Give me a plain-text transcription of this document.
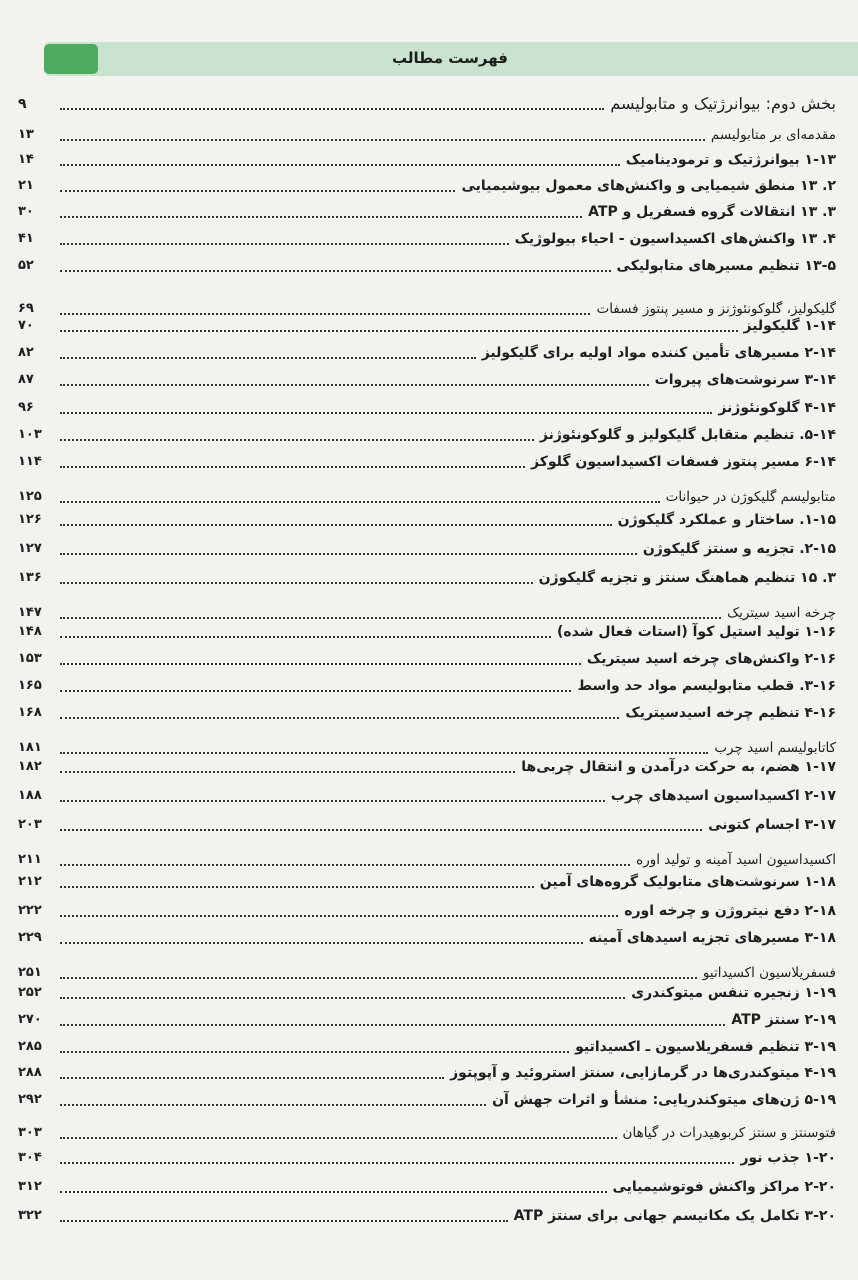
فهرست مطالب
بخش دوم: بیوانرژتیک و متابولیسم
۹
مقدمه‌ای بر متابولیسم
۱۳
۱-۱۳ بیوانرژتیک و ترمودینامیک
۱۴
۲. ۱۳ منطق شیمیایی و واکنش‌های معمول بیوشیمیایی
۲۱
۳. ۱۳ انتقالات گروه فسفریل و ATP
۳۰
۴. ۱۳ واکنش‌های اکسیداسیون - احیاء بیولوژیک
۴۱
۱۳-۵ تنظیم مسیرهای متابولیکی
۵۲
گلیکولیز، گلوکونئوژنز و مسیر پنتوز فسفات
۶۹
۱-۱۴ گلیکولیز
۷۰
۲-۱۴ مسیرهای تأمین کننده مواد اولیه برای گلیکولیز
۸۲
۳-۱۴ سرنوشت‌های پیروات
۸۷
۴-۱۴ گلوکونئوژنز
۹۶
۵-۱۴. تنظیم متقابل گلیکولیز و گلوکونئوژنز
۱۰۳
۶-۱۴ مسیر پنتوز فسفات اکسیداسیون گلوکز
۱۱۴
متابولیسم گلیکوژن در حیوانات
۱۲۵
۱-۱۵. ساختار و عملکرد گلیکوژن
۱۲۶
۲-۱۵. تجزیه و سنتز گلیکوژن
۱۲۷
۳. ۱۵ تنظیم هماهنگ سنتز و تجزیه گلیکوژن
۱۳۶
چرخه اسید سیتریک
۱۴۷
۱-۱۶ تولید استیل کوآ (استات فعال شده)
۱۴۸
۲-۱۶ واکنش‌های چرخه اسید سیتریک
۱۵۳
۳-۱۶. قطب متابولیسم مواد حد واسط
۱۶۵
۴-۱۶ تنظیم چرخه اسیدسیتریک
۱۶۸
کاتابولیسم اسید چرب
۱۸۱
۱-۱۷ هضم، به حرکت درآمدن و انتقال چربی‌ها
۱۸۲
۲-۱۷ اکسیداسیون اسیدهای چرب
۱۸۸
۳-۱۷ اجسام کتونی
۲۰۳
اکسیداسیون اسید آمینه و تولید اوره
۲۱۱
۱-۱۸ سرنوشت‌های متابولیک گروه‌های آمین
۲۱۲
۲-۱۸ دفع نیتروژن و چرخه اوره
۲۲۲
۳-۱۸ مسیرهای تجزیه اسیدهای آمینه
۲۲۹
فسفریلاسیون اکسیداتیو
۲۵۱
۱-۱۹ زنجیره تنفس میتوکندری
۲۵۲
۲-۱۹ سنتز ATP
۲۷۰
۳-۱۹ تنظیم فسفریلاسیون ـ اکسیداتیو
۲۸۵
۴-۱۹ میتوکندری‌ها در گرمازایی، سنتز استروئید و آپوپتوز
۲۸۸
۵-۱۹ ژن‌های میتوکندریایی: منشأ و اثرات جهش آن
۲۹۲
فتوسنتز و سنتز کربوهیدرات در گیاهان
۳۰۳
۱-۲۰ جذب نور
۳۰۴
۲-۲۰ مراکز واکنش فوتوشیمیایی
۳۱۲
۳-۲۰ تکامل یک مکانیسم جهانی برای سنتز ATP
۳۲۲
